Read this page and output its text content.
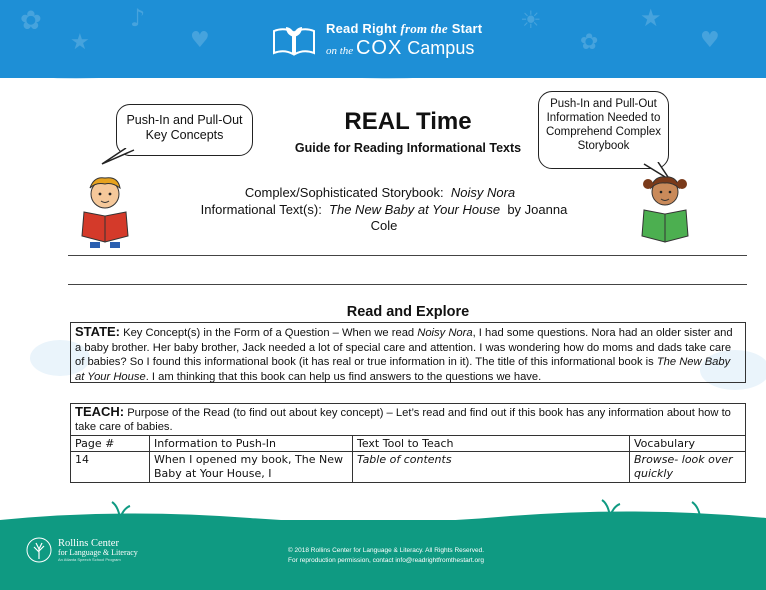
✿
★
♪
♥
☀
✿
★
♥
Read Right from the Start
on the COX Campus
Push-In and Pull-Out Key Concepts
Push-In and Pull-Out Information Needed to Comprehend Complex Storybook
REAL Time
Guide for Reading Informational Texts
Complex/Sophisticated Storybook: Noisy Nora
Informational Text(s): The New Baby at Your House by Joanna Cole
Read and Explore
STATE: Key Concept(s) in the Form of a Question – When we read Noisy Nora, I had some questions. Nora had an older sister and a baby brother. Her baby brother, Jack needed a lot of special care and attention. I was wondering how do moms and dads take care of babies? So I found this informational book (it has real or true information in it). The title of this informational book is The New Baby at Your House. I am thinking that this book can help us find answers to the questions we have.
TEACH: Purpose of the Read (to find out about key concept) – Let’s read and find out if this book has any information about how to take care of babies.			
Page #	Information to Push-In	Text Tool to Teach	Vocabulary
14	When I opened my book, The New Baby at Your House, I	Table of contents	Browse- look over quickly
Rollins Center
for Language & Literacy
An Atlanta Speech School Program
© 2018 Rollins Center for Language & Literacy. All Rights Reserved.
For reproduction permission, contact info@readrightfromthestart.org
